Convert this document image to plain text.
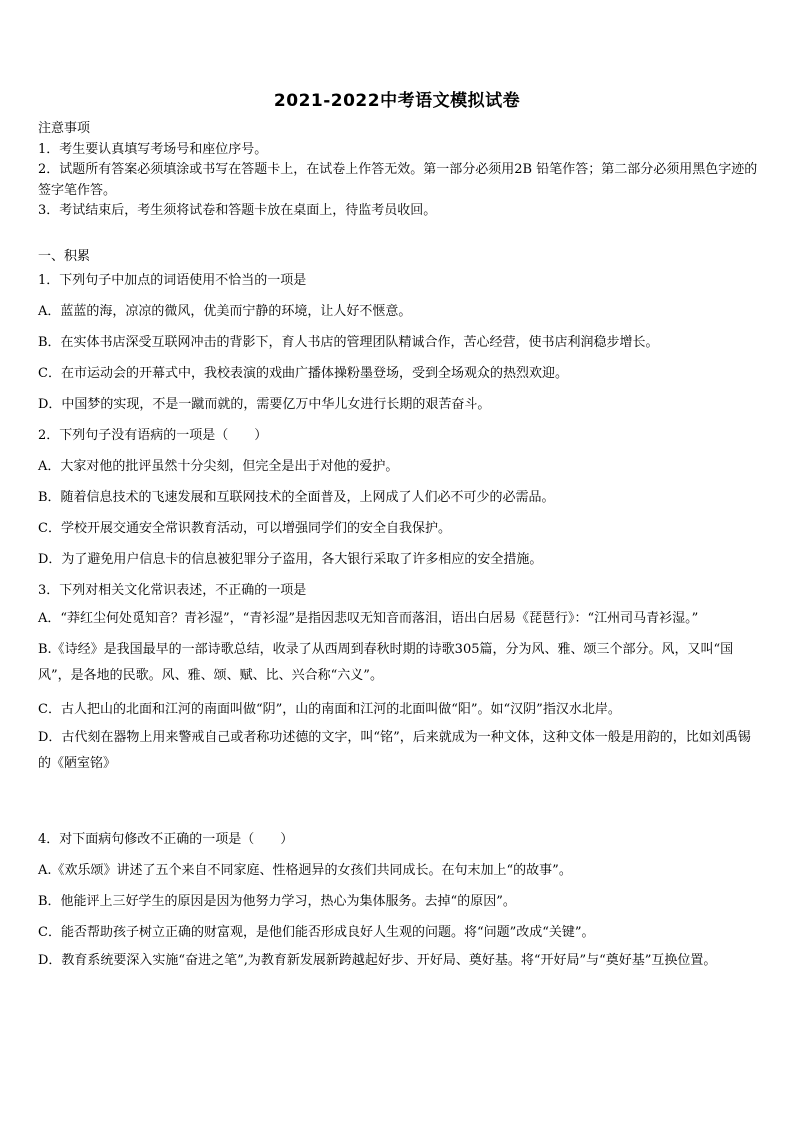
2021-2022中考语文模拟试卷

注意事项

1．考生要认真填写考场号和座位序号。

2．试题所有答案必须填涂或书写在答题卡上，在试卷上作答无效。第一部分必须用2B 铅笔作答；第二部分必须用黑色字迹的签字笔作答。

3．考试结束后，考生须将试卷和答题卡放在桌面上，待监考员收回。

一、积累

1．下列句子中加点的词语使用不恰当的一项是

A．蓝蓝的海，凉凉的微风，优美而宁静的环境，让人好不惬意。

B．在实体书店深受互联网冲击的背影下，育人书店的管理团队精诚合作，苦心经营，使书店利润稳步增长。

C．在市运动会的开幕式中，我校表演的戏曲广播体操粉墨登场，受到全场观众的热烈欢迎。

D．中国梦的实现，不是一蹴而就的，需要亿万中华儿女进行长期的艰苦奋斗。

2．下列句子没有语病的一项是（　　）

A．大家对他的批评虽然十分尖刻，但完全是出于对他的爱护。

B．随着信息技术的飞速发展和互联网技术的全面普及，上网成了人们必不可少的必需品。

C．学校开展交通安全常识教育活动，可以增强同学们的安全自我保护。

D．为了避免用户信息卡的信息被犯罪分子盗用，各大银行采取了许多相应的安全措施。

3．下列对相关文化常识表述，不正确的一项是

A．“莽红尘何处觅知音？青衫湿”，“青衫湿”是指因悲叹无知音而落泪，语出白居易《琵琶行》：“江州司马青衫湿。”

B.《诗经》是我国最早的一部诗歌总结，收录了从西周到春秋时期的诗歌305篇，分为风、雅、颂三个部分。风，又叫“国风”，是各地的民歌。风、雅、颂、赋、比、兴合称“六义”。

C．古人把山的北面和江河的南面叫做“阴”，山的南面和江河的北面叫做“阳”。如“汉阴”指汉水北岸。

D．古代刻在器物上用来警戒自己或者称功述德的文字，叫“铭”，后来就成为一种文体，这种文体一般是用韵的，比如刘禹锡的《陋室铭》

4．对下面病句修改不正确的一项是（　　）

A.《欢乐颂》讲述了五个来自不同家庭、性格迥异的女孩们共同成长。在句末加上“的故事”。

B．他能评上三好学生的原因是因为他努力学习，热心为集体服务。去掉“的原因”。

C．能否帮助孩子树立正确的财富观，是他们能否形成良好人生观的问题。将“问题”改成“关键”。

D．教育系统要深入实施“奋进之笔”,为教育新发展新跨越起好步、开好局、奠好基。将“开好局”与“奠好基”互换位置。
